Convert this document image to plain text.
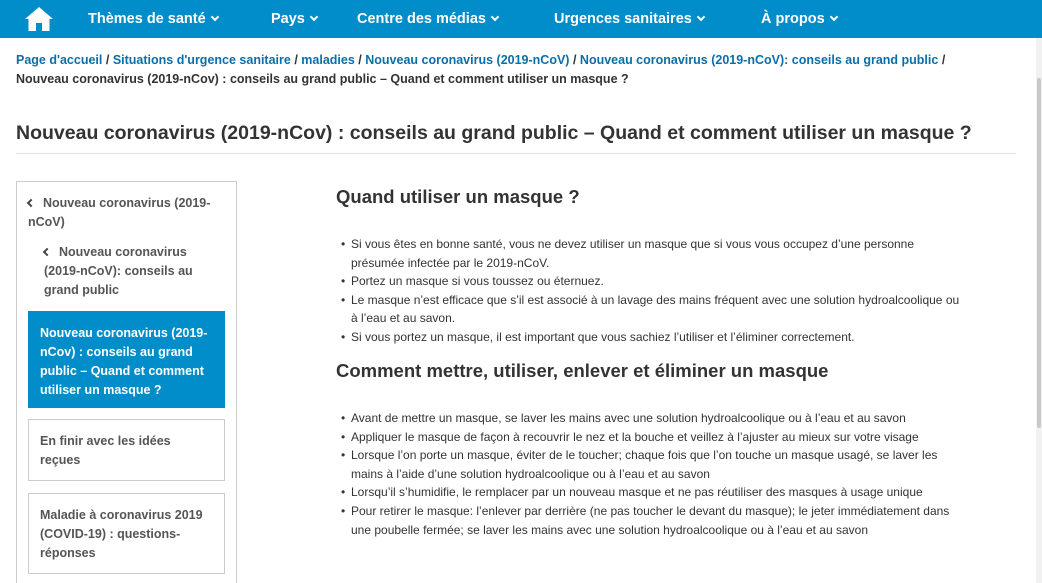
Thèmes de santé	Pays	Centre des médias	Urgences sanitaires	À propos
Page d'accueil / Situations d'urgence sanitaire / maladies / Nouveau coronavirus (2019-nCoV) / Nouveau coronavirus (2019-nCoV): conseils au grand public /
Nouveau coronavirus (2019-nCov) : conseils au grand public – Quand et comment utiliser un masque ?
Nouveau coronavirus (2019-nCov) : conseils au grand public – Quand et comment utiliser un masque ?
Nouveau coronavirus (2019-nCoV)
Nouveau coronavirus (2019-nCoV): conseils au grand public
Nouveau coronavirus (2019-nCov) : conseils au grand public – Quand et comment utiliser un masque ?
En finir avec les idées reçues
Maladie à coronavirus 2019 (COVID-19) : questions-réponses
Quand utiliser un masque ?
• Si vous êtes en bonne santé, vous ne devez utiliser un masque que si vous vous occupez d’une personne présumée infectée par le 2019-nCoV.
• Portez un masque si vous toussez ou éternuez.
• Le masque n’est efficace que s’il est associé à un lavage des mains fréquent avec une solution hydroalcoolique ou à l’eau et au savon.
• Si vous portez un masque, il est important que vous sachiez l’utiliser et l’éliminer correctement.
Comment mettre, utiliser, enlever et éliminer un masque
• Avant de mettre un masque, se laver les mains avec une solution hydroalcoolique ou à l’eau et au savon
• Appliquer le masque de façon à recouvrir le nez et la bouche et veillez à l’ajuster au mieux sur votre visage
• Lorsque l’on porte un masque, éviter de le toucher; chaque fois que l’on touche un masque usagé, se laver les mains à l’aide d’une solution hydroalcoolique ou à l’eau et au savon
• Lorsqu’il s’humidifie, le remplacer par un nouveau masque et ne pas réutiliser des masques à usage unique
• Pour retirer le masque: l’enlever par derrière (ne pas toucher le devant du masque); le jeter immédiatement dans une poubelle fermée; se laver les mains avec une solution hydroalcoolique ou à l’eau et au savon
